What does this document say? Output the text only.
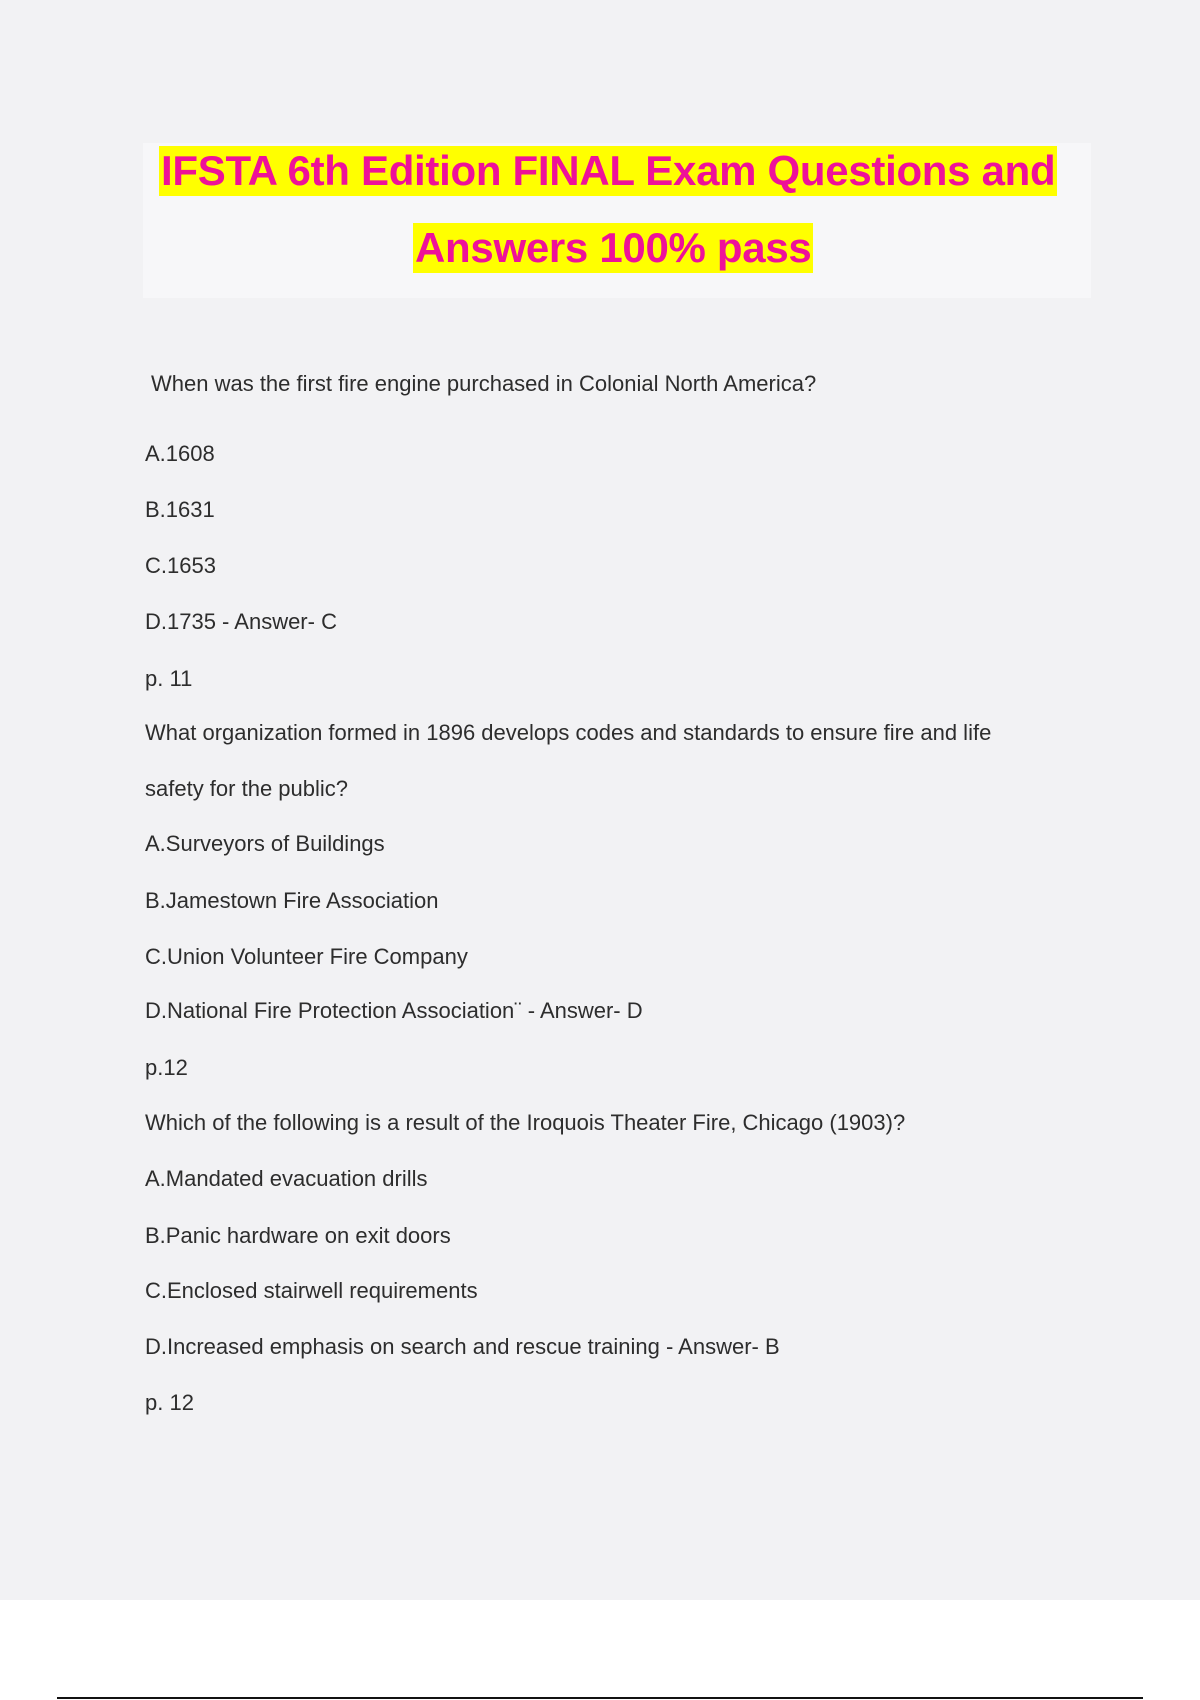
IFSTA 6th Edition FINAL Exam Questions and
Answers 100% pass
When was the first fire engine purchased in Colonial North America?
A.1608
B.1631
C.1653
D.1735 - Answer- C
p. 11
What organization formed in 1896 develops codes and standards to ensure fire and life
safety for the public?
A.Surveyors of Buildings
B.Jamestown Fire Association
C.Union Volunteer Fire Company
D.National Fire Protection Association¨ - Answer- D
p.12
Which of the following is a result of the Iroquois Theater Fire, Chicago (1903)?
A.Mandated evacuation drills
B.Panic hardware on exit doors
C.Enclosed stairwell requirements
D.Increased emphasis on search and rescue training - Answer- B
p. 12
